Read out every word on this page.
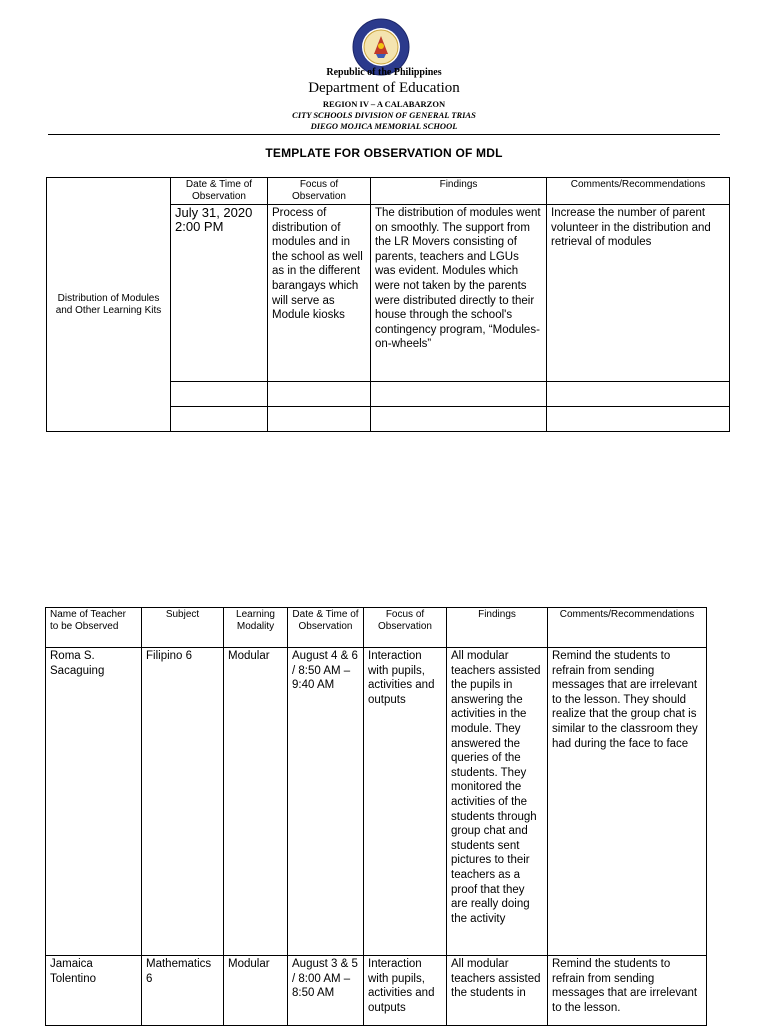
Republic of the Philippines
Department of Education
REGION IV – A CALABARZON
CITY SCHOOLS DIVISION OF GENERAL TRIAS
DIEGO MOJICA MEMORIAL SCHOOL
TEMPLATE FOR OBSERVATION OF MDL
Distribution of Modules and Other Learning Kits	Date & Time of Observation	Focus of Observation	Findings	Comments/Recommendations
	July 31, 2020 2:00 PM	Process of distribution of modules and in the school as well as in the different barangays which will serve as Module kiosks	The distribution of modules went on smoothly. The support from the LR Movers consisting of parents, teachers and LGUs was evident. Modules which were not taken by the parents were distributed directly to their house through the school's contingency program, “Modules-on-wheels”	Increase the number of parent volunteer in the distribution and retrieval of modules

Name of Teacher to be Observed	Subject	Learning Modality	Date & Time of Observation	Focus of Observation	Findings	Comments/Recommendations
Roma S. Sacaguing	Filipino 6	Modular	August 4 & 6 / 8:50 AM – 9:40 AM	Interaction with pupils, activities and outputs	All modular teachers assisted the pupils in answering the activities in the module. They answered the queries of the students. They monitored the activities of the students through group chat and students sent pictures to their teachers as a proof that they are really doing the activity	Remind the students to refrain from sending messages that are irrelevant to the lesson. They should realize that the group chat is similar to the classroom they had during the face to face
Jamaica Tolentino	Mathematics 6	Modular	August 3 & 5 / 8:00 AM – 8:50 AM	Interaction with pupils, activities and outputs	All modular teachers assisted the students in	Remind the students to refrain from sending messages that are irrelevant to the lesson.
